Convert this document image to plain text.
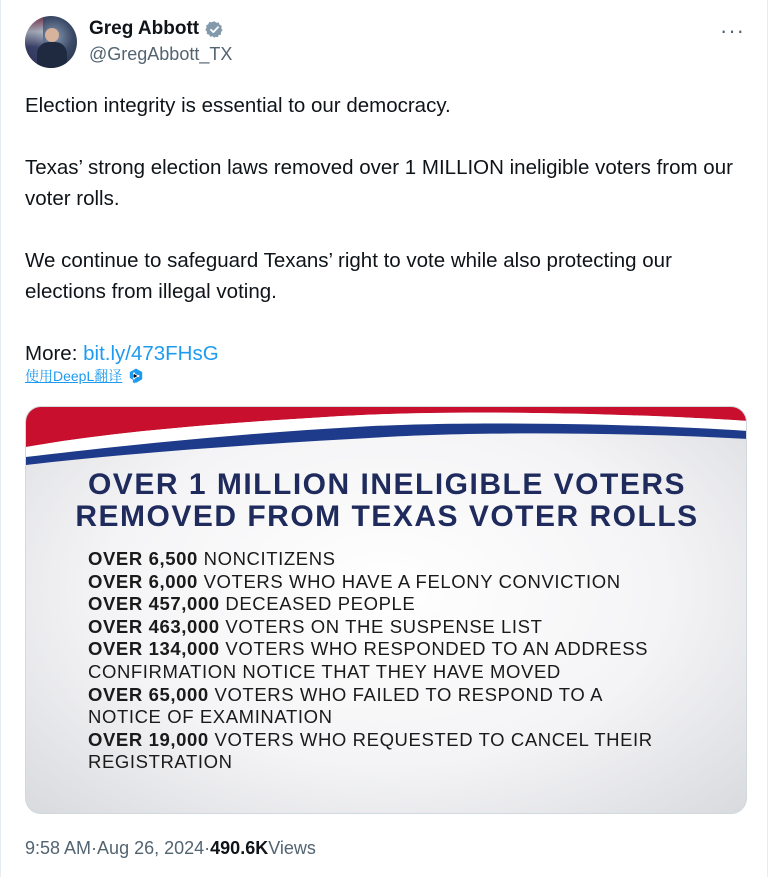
Greg Abbott
@GregAbbott_TX
···

Election integrity is essential to our democracy.

Texas’ strong election laws removed over 1 MILLION ineligible voters from our voter rolls.

We continue to safeguard Texans’ right to vote while also protecting our elections from illegal voting.

More: bit.ly/473FHsG

使用DeepL翻译
OVER 1 MILLION INELIGIBLE VOTERS
REMOVED FROM TEXAS VOTER ROLLS
OVER 6,500 NONCITIZENS
OVER 6,000 VOTERS WHO HAVE A FELONY CONVICTION
OVER 457,000 DECEASED PEOPLE
OVER 463,000 VOTERS ON THE SUSPENSE LIST
OVER 134,000 VOTERS WHO RESPONDED TO AN ADDRESS
CONFIRMATION NOTICE THAT THEY HAVE MOVED
OVER 65,000 VOTERS WHO FAILED TO RESPOND TO A
NOTICE OF EXAMINATION
OVER 19,000 VOTERS WHO REQUESTED TO CANCEL THEIR
REGISTRATION
9:58 AM · Aug 26, 2024 · 490.6K Views
